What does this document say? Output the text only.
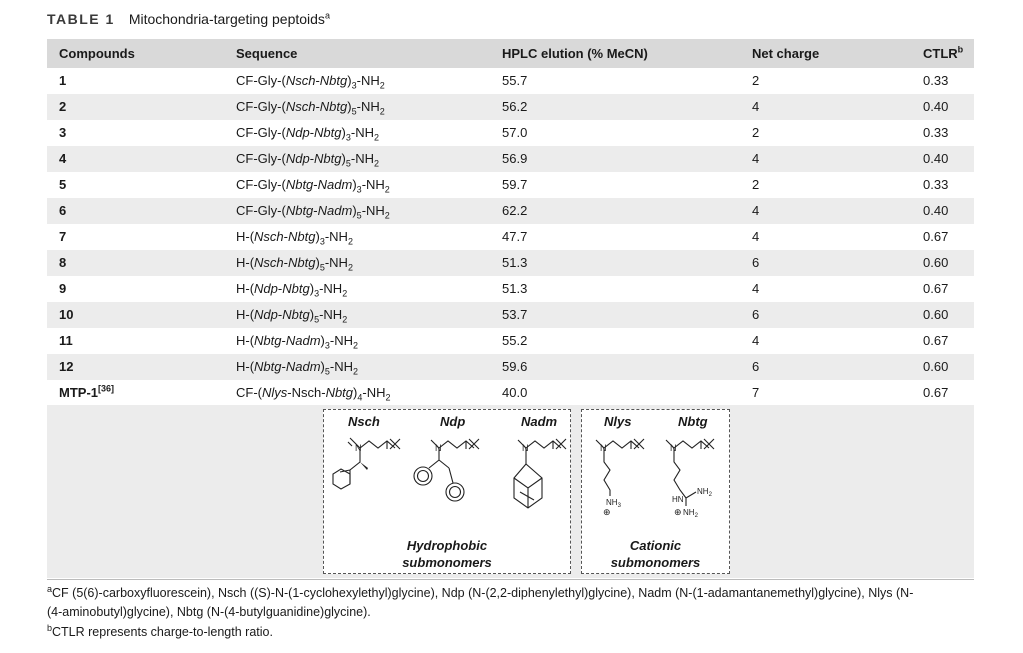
TABLE 1 Mitochondria-targeting peptoids$^a$
Compounds	Sequence	HPLC elution (% MeCN)	Net charge	CTLR$^b$
1	$CF-Gly-(Nsch-Nbtg)_3-NH_2$	55.7	2	0.33
2	$CF-Gly-(Nsch-Nbtg)_5-NH_2$	56.2	4	0.40
3	$CF-Gly-(Ndp-Nbtg)_3-NH_2$	57.0	2	0.33
4	$CF-Gly-(Ndp-Nbtg)_5-NH_2$	56.9	4	0.40
5	$CF-Gly-(Nbtg-Nadm)_3-NH_2$	59.7	2	0.33
6	$CF-Gly-(Nbtg-Nadm)_5-NH_2$	62.2	4	0.40
7	$H-(Nsch-Nbtg)_3-NH_2$	47.7	4	0.67
8	$H-(Nsch-Nbtg)_5-NH_2$	51.3	6	0.60
9	$H-(Ndp-Nbtg)_3-NH_2$	51.3	4	0.67
10	$H-(Ndp-Nbtg)_5-NH_2$	53.7	6	0.60
11	$H-(Nbtg-Nadm)_3-NH_2$	55.2	4	0.67
12	$H-(Nbtg-Nadm)_5-NH_2$	59.6	6	0.60
MTP-1[36]	$CF-(Nlys-Nsch-Nbtg)_4-NH_2$	40.0	7	0.67
Nsch	Ndp	Nadm
N	N	N
Hydrophobic
submonomers
Nlys	Nbtg
N
$NH_3$
⊕
N
HN
$NH_2$
⊕ $NH_2$
Cationic
submonomers
$^a$CF (5(6)-carboxyfluorescein), Nsch ((S)-N-(1-cyclohexylethyl)glycine), Ndp (N-(2,2-diphenylethyl)glycine), Nadm (N-(1-adamantanemethyl)glycine), Nlys (N-
(4-aminobutyl)glycine), Nbtg (N-(4-butylguanidine)glycine).
$^b$CTLR represents charge-to-length ratio.
